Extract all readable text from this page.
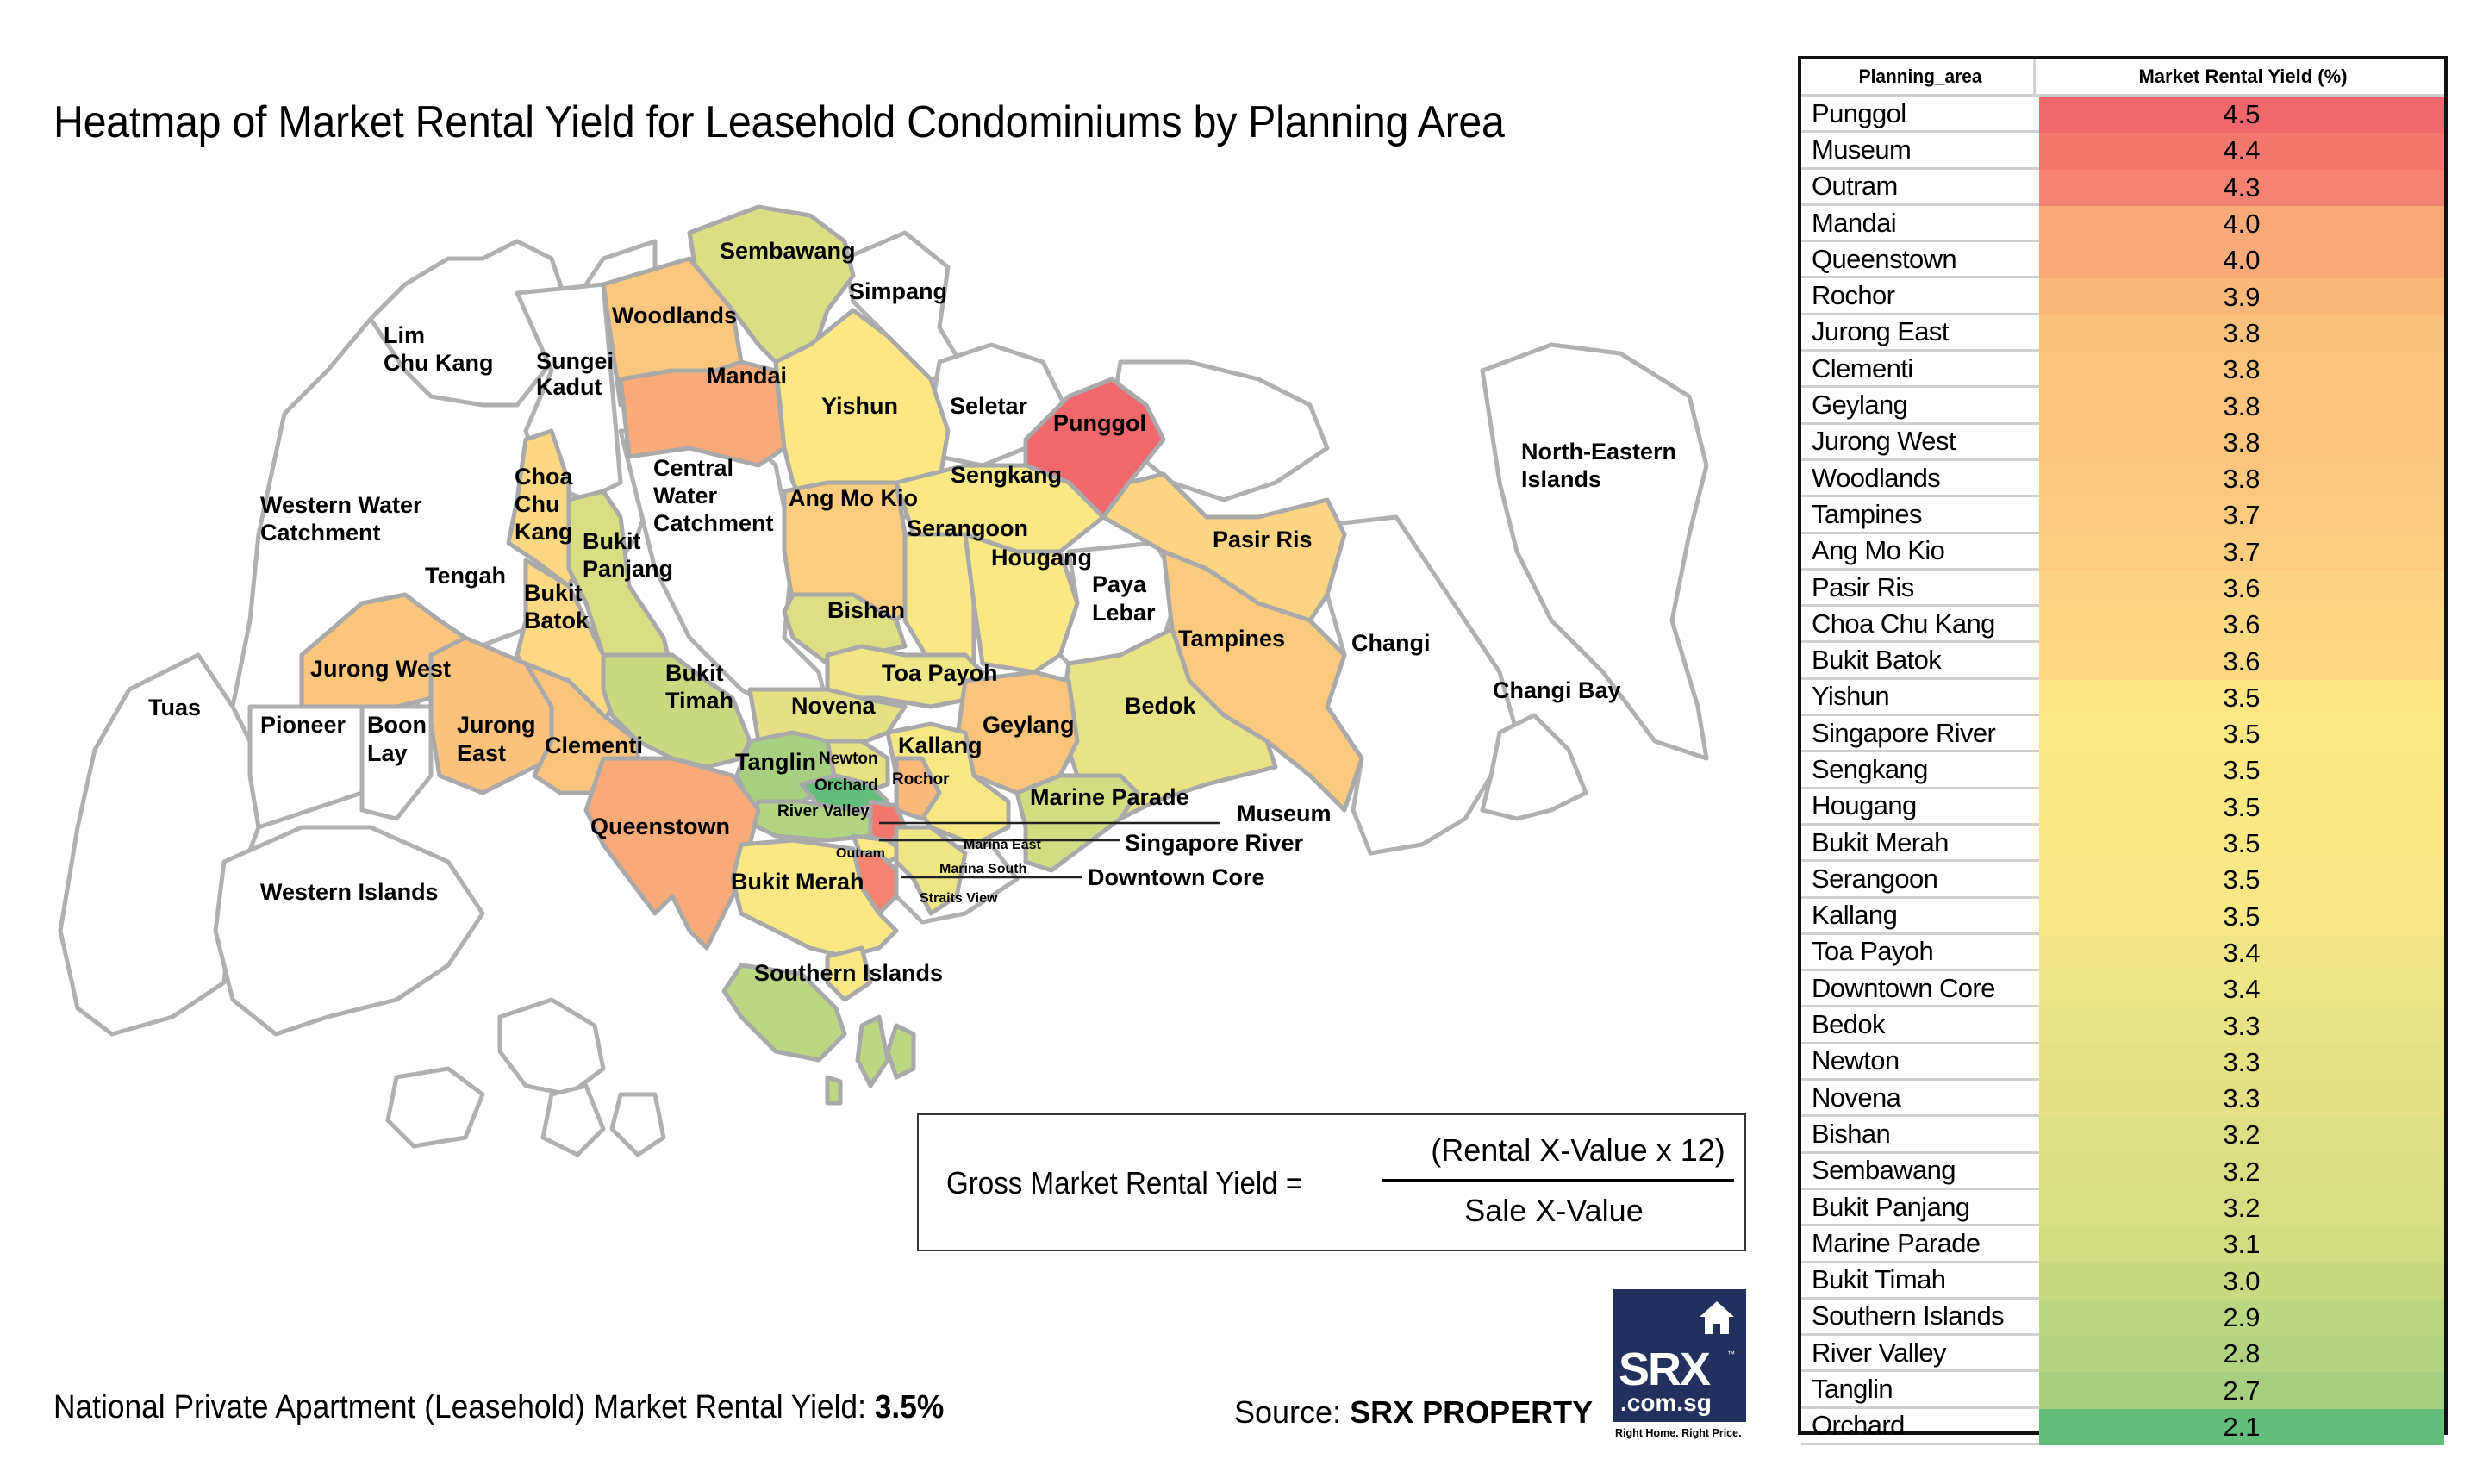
Heatmap of Market Rental Yield for Leasehold Condominiums by Planning Area
Sembawang
Simpang
Woodlands
Mandai
Lim
Chu Kang Sungei
Kadut
Yishun Seletar
Punggol
North-Eastern
Islands
Western Water
Catchment
Choa
Chu
Kang
Central
Water
Catchment
Ang Mo Kio
Sengkang
Serangoon
Hougang
Pasir Ris
Bukit
Panjang
Tengah
Bukit
Batok	Bishan
Paya
Lebar
Tampines	Changi
Jurong West	Bukit
Timah
Toa Payoh
Changi Bay
Tuas
Pioneer Boon
Lay
Jurong
East Clementi
Novena	Bedok
Geylang
Tanglin Newton
Kallang
Orchard Rochor
Marine Parade
River Valley	Museum
Queenstown
Marina East	Singapore River
Outram
Marina South	Downtown Core
Bukit Merah
Straits View
Western Islands
Southern Islands
Gross Market Rental Yield =
(Rental X-Value x 12)
Sale X-Value
National Private Apartment (Leasehold) Market Rental Yield: 3.5%	Source: SRX PROPERTY
SRX ™
.com.sg
Right Home. Right Price.
Planning_area	Market Rental Yield (%)
Punggol	4.5
Museum	4.4
Outram	4.3
Mandai	4.0
Queenstown	4.0
Rochor	3.9
Jurong East	3.8
Clementi	3.8
Geylang	3.8
Jurong West	3.8
Woodlands	3.8
Tampines	3.7
Ang Mo Kio	3.7
Pasir Ris	3.6
Choa Chu Kang	3.6
Bukit Batok	3.6
Yishun	3.5
Singapore River	3.5
Sengkang	3.5
Hougang	3.5
Bukit Merah	3.5
Serangoon	3.5
Kallang	3.5
Toa Payoh	3.4
Downtown Core	3.4
Bedok	3.3
Newton	3.3
Novena	3.3
Bishan	3.2
Sembawang	3.2
Bukit Panjang	3.2
Marine Parade	3.1
Bukit Timah	3.0
Southern Islands	2.9
River Valley	2.8
Tanglin	2.7
Orchard	2.1
